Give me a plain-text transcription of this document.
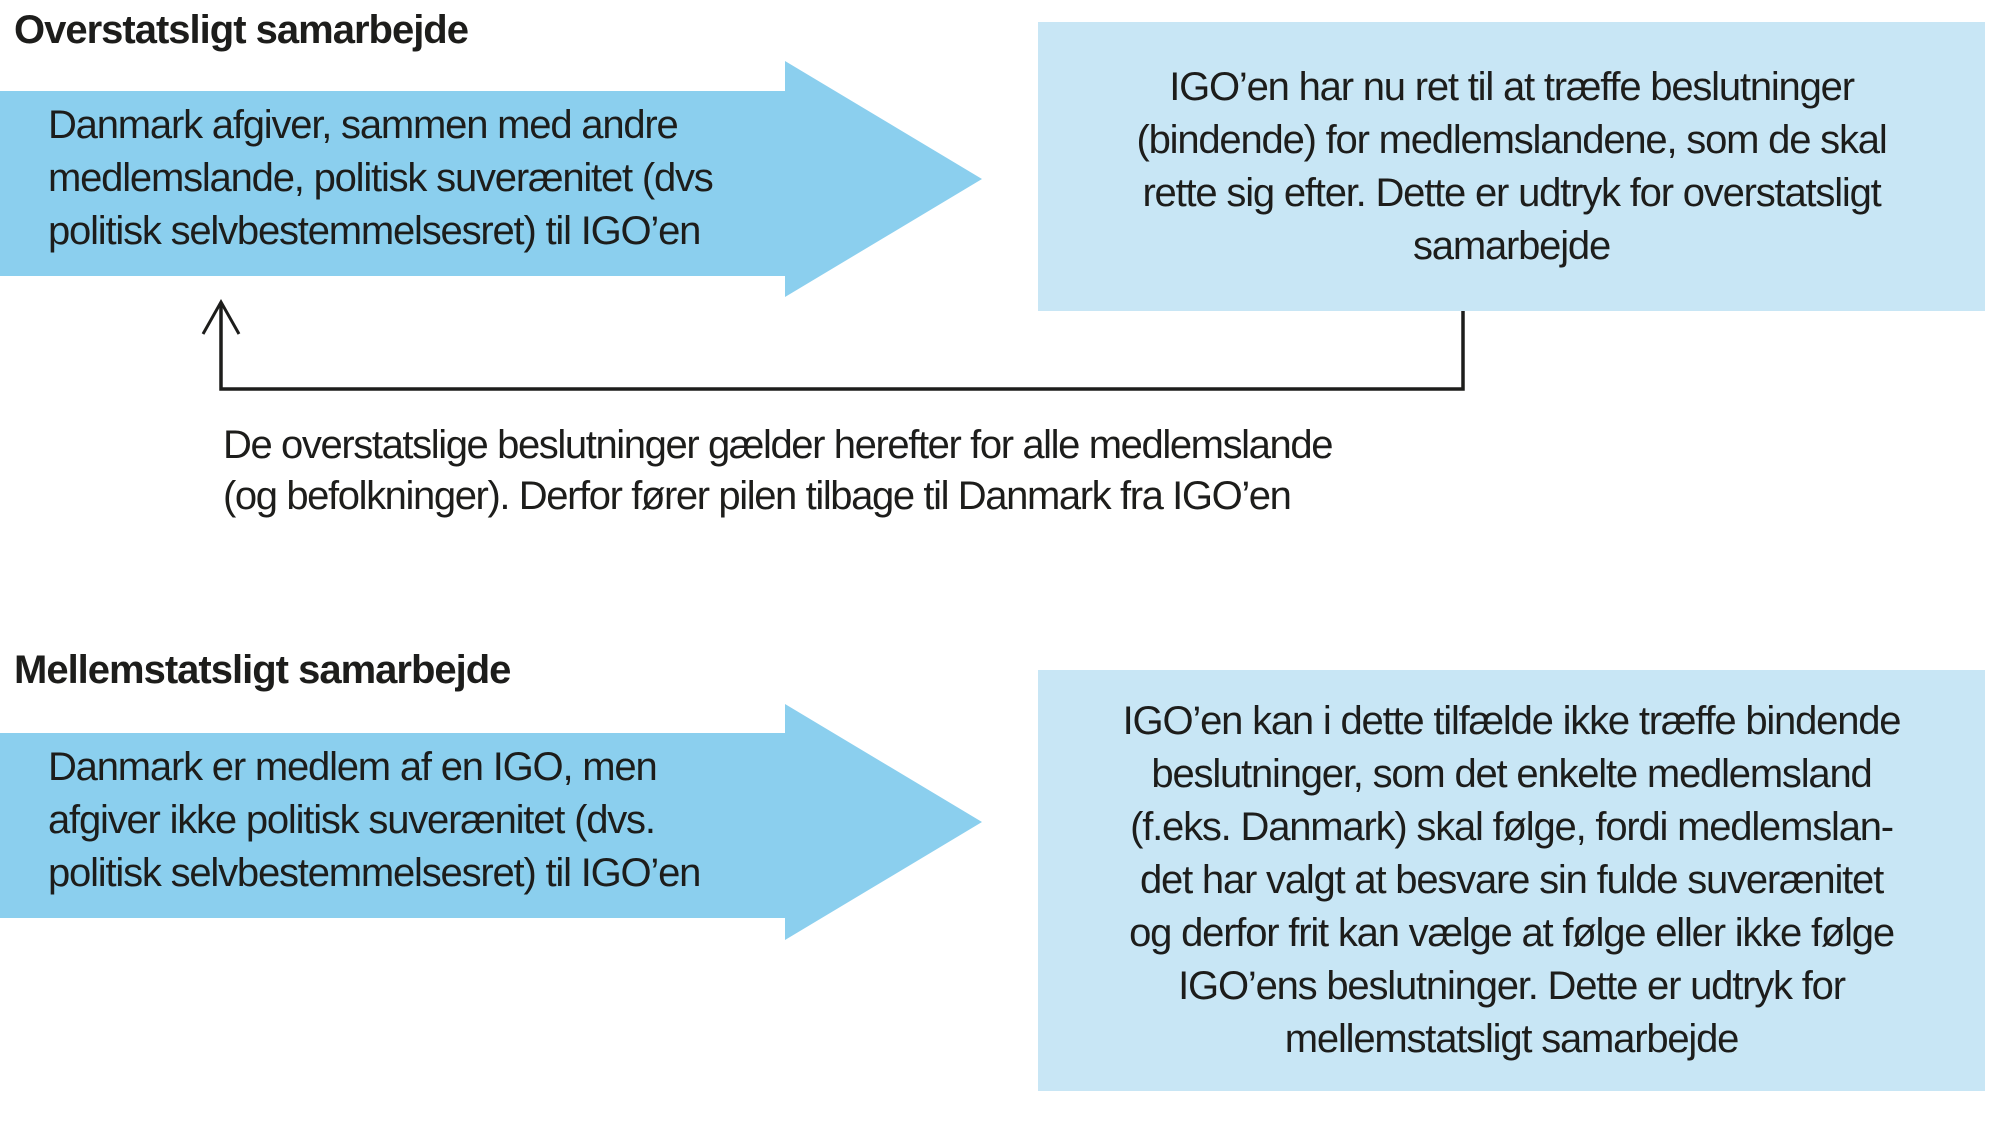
Overstatsligt samarbejde
Danmark afgiver, sammen med andre
medlemslande, politisk suverænitet (dvs
politisk selvbestemmelsesret) til IGO’en
IGO’en har nu ret til at træffe beslutninger
(bindende) for medlemslandene, som de skal
rette sig efter. Dette er udtryk for overstatsligt
samarbejde
De overstatslige beslutninger gælder herefter for alle medlemslande
(og befolkninger). Derfor fører pilen tilbage til Danmark fra IGO’en
Mellemstatsligt samarbejde
Danmark er medlem af en IGO, men
afgiver ikke politisk suverænitet (dvs.
politisk selvbestemmelsesret) til IGO’en
IGO’en kan i dette tilfælde ikke træffe bindende
beslutninger, som det enkelte medlemsland
(f.eks. Danmark) skal følge, fordi medlemslan-
det har valgt at besvare sin fulde suverænitet
og derfor frit kan vælge at følge eller ikke følge
IGO’ens beslutninger. Dette er udtryk for
mellemstatsligt samarbejde
